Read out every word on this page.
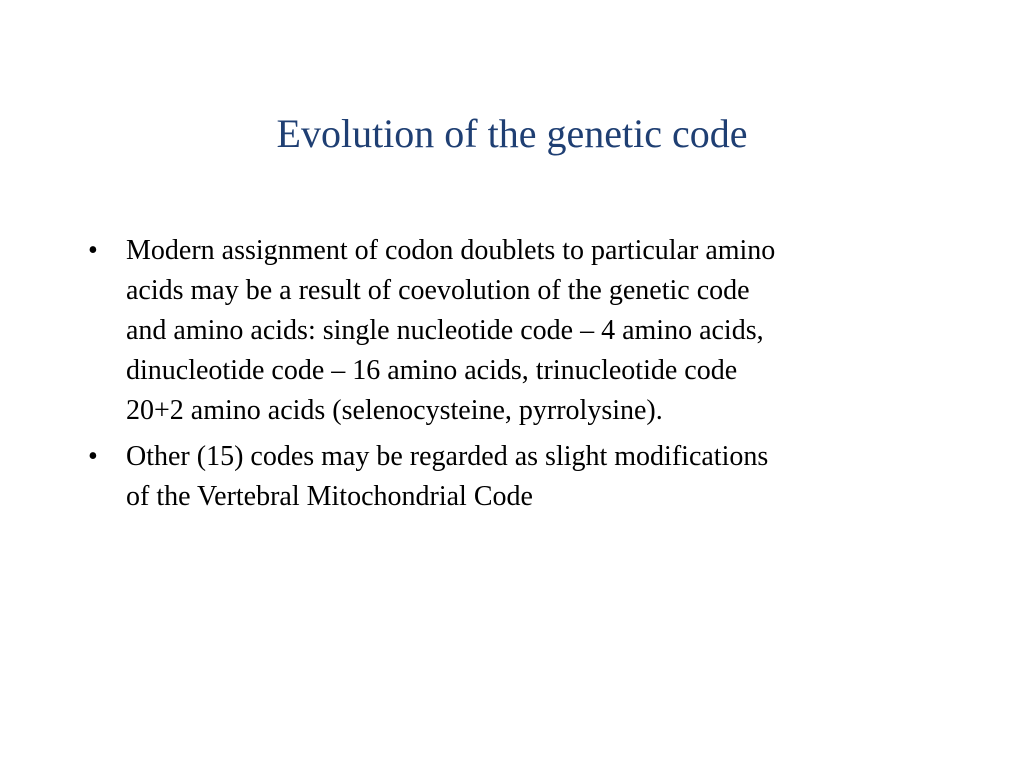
Evolution of the genetic code
•	Modern assignment of codon doublets to particular amino
acids may be a result of coevolution of the genetic code
and amino acids: single nucleotide code – 4 amino acids,
dinucleotide code – 16 amino acids, trinucleotide code
20+2 amino acids (selenocysteine, pyrrolysine).
•	Other (15) codes may be regarded as slight modifications
of the Vertebral Mitochondrial Code
